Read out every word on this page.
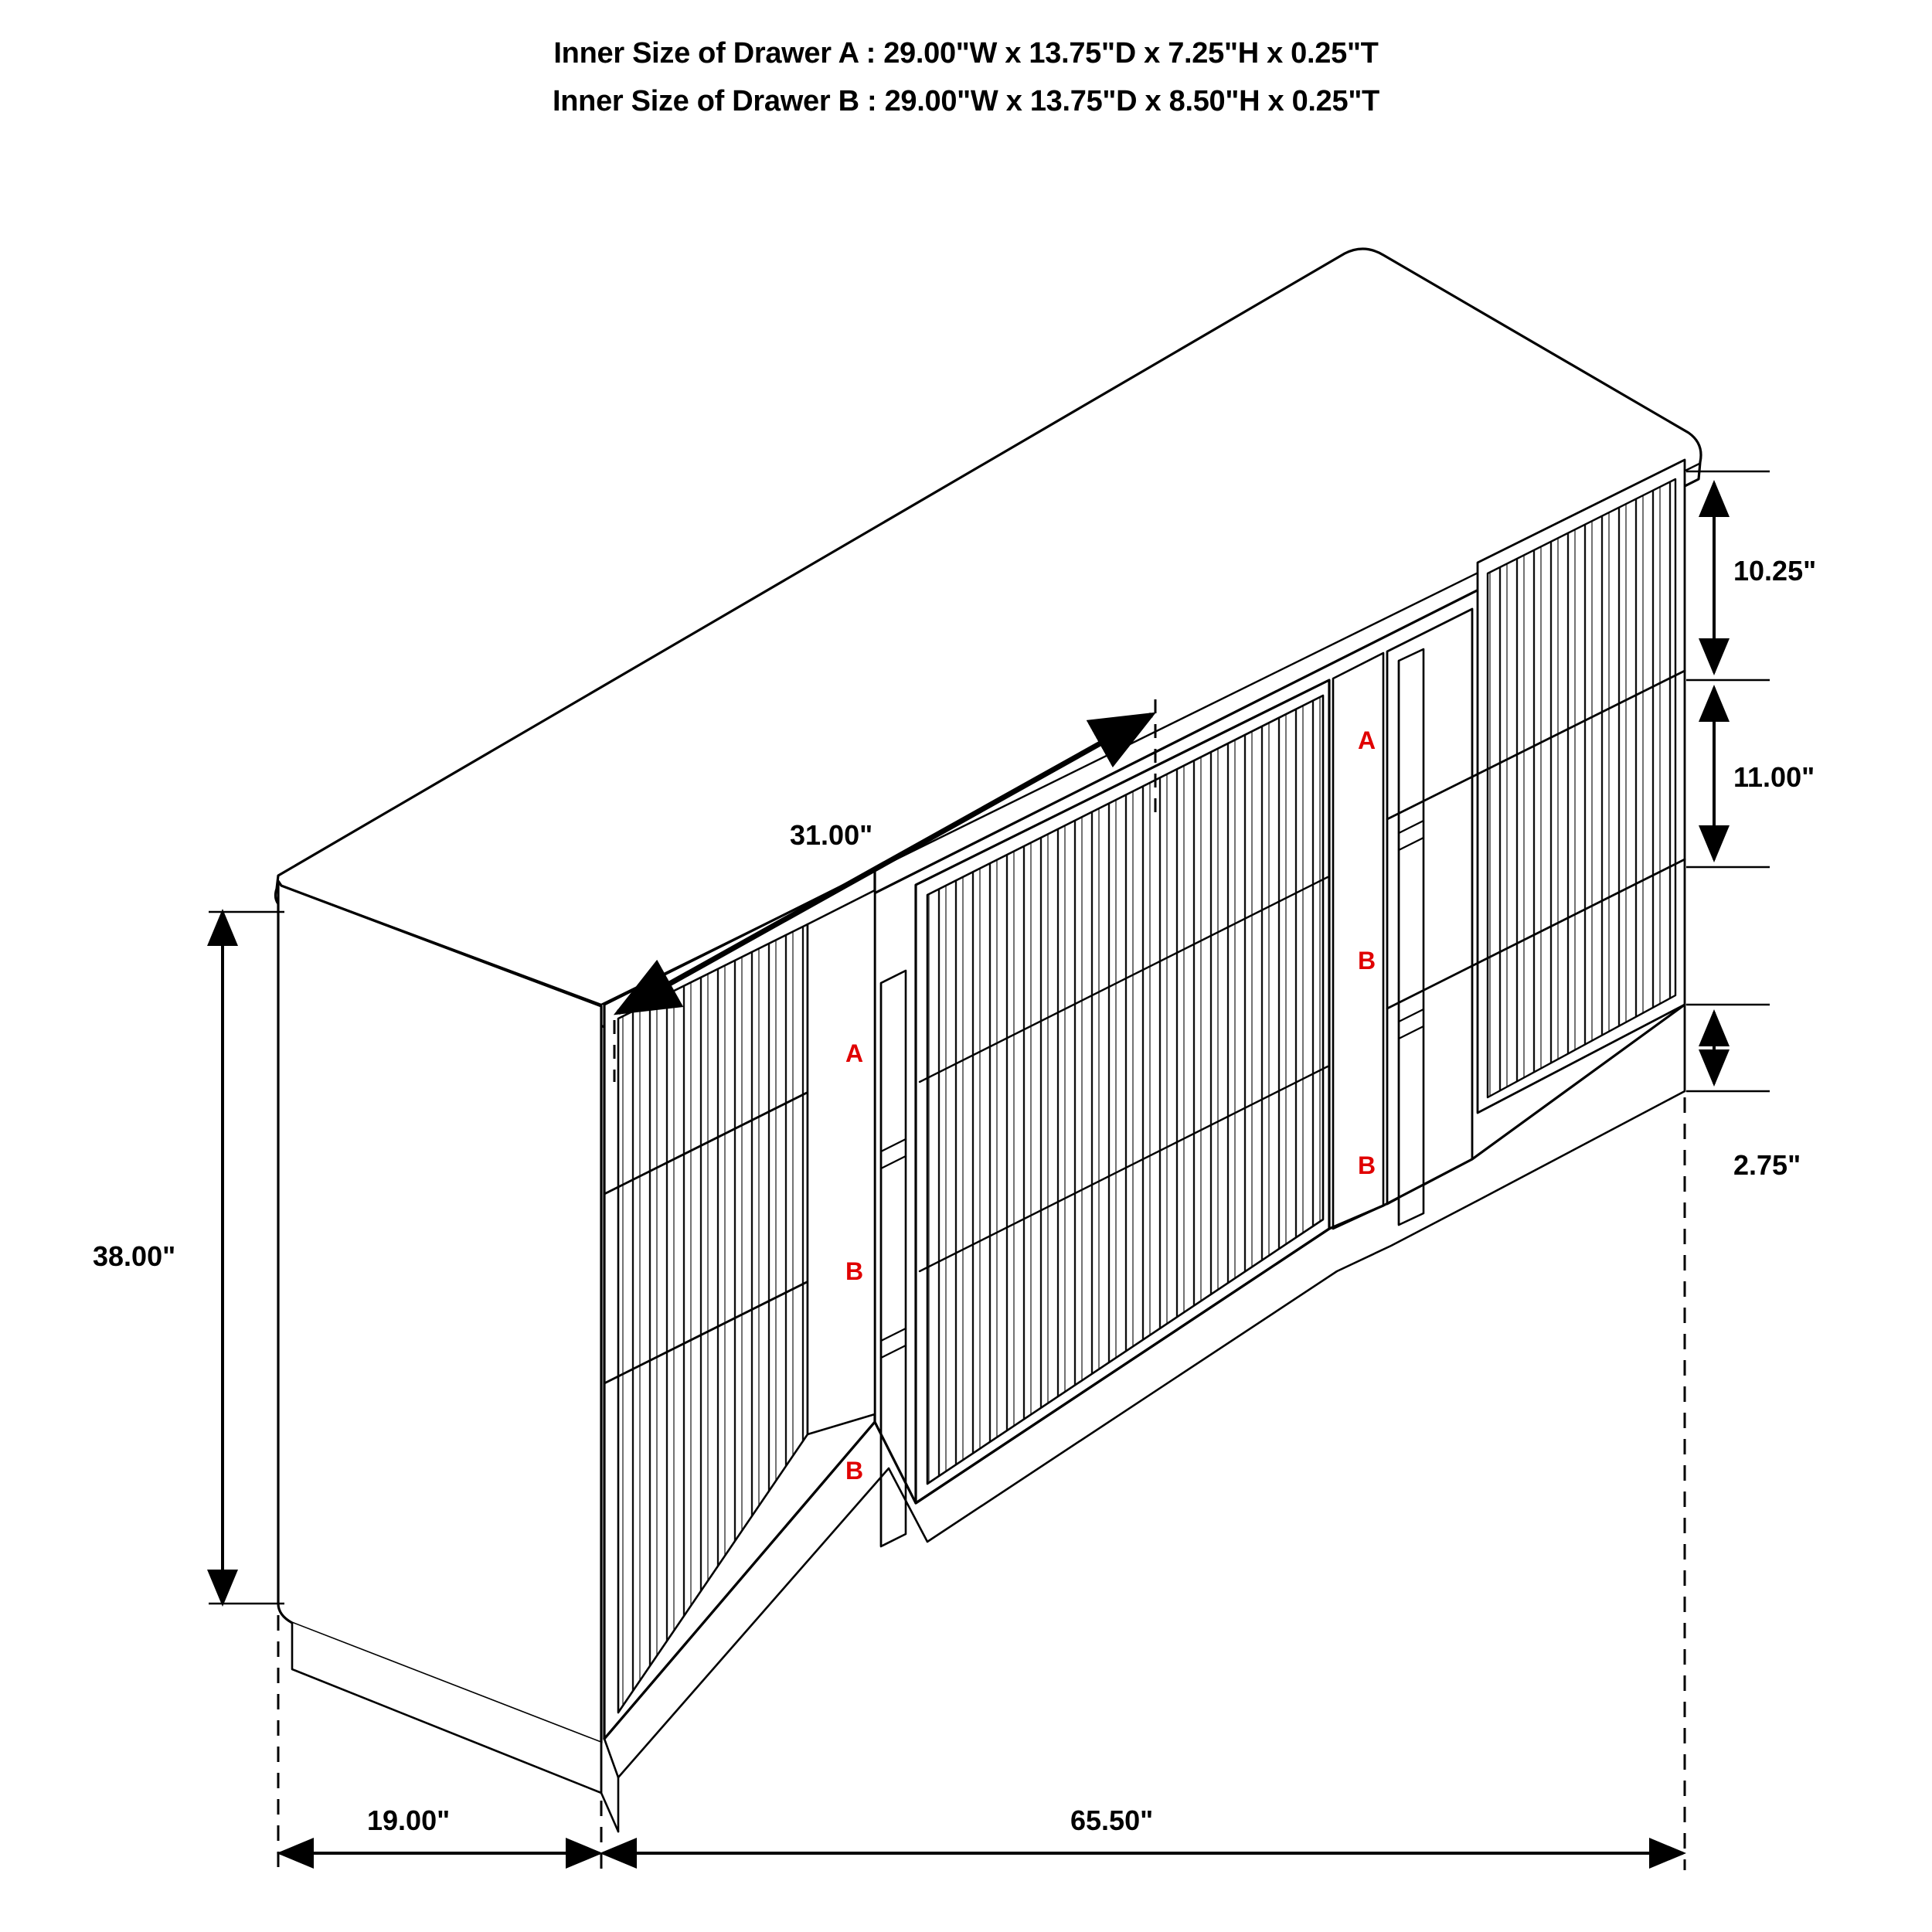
Inner Size of Drawer A : 29.00"W x 13.75"D x 7.25"H x 0.25"T
Inner Size of Drawer B : 29.00"W x 13.75"D x 8.50"H x 0.25"T
31.00"
38.00"
65.50"
19.00"
10.25"
11.00"
2.75"
A
B
B
A
B
B
